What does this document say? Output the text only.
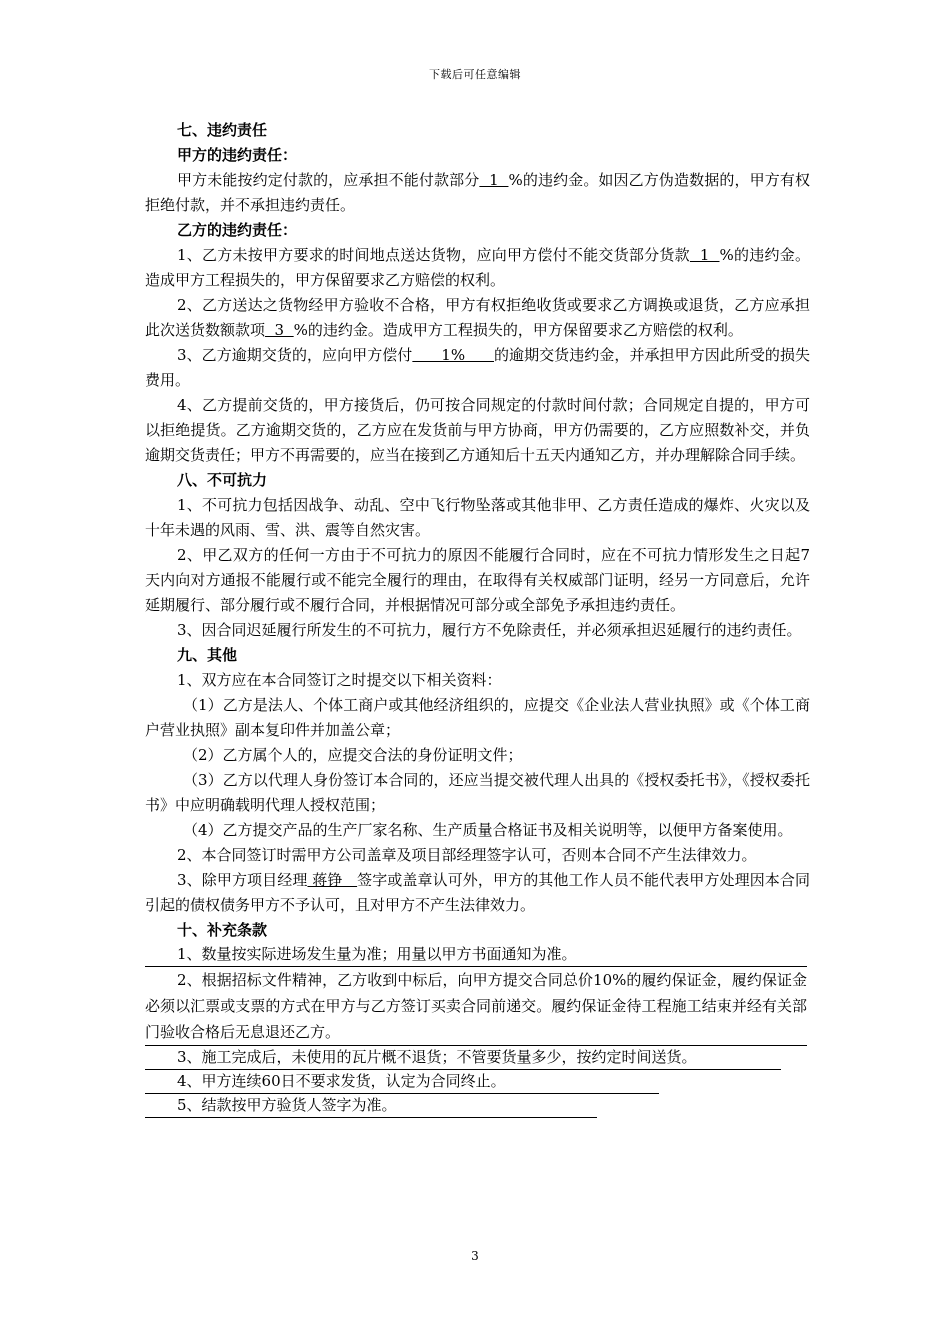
下载后可任意编辑

七、违约责任

甲方的违约责任：

甲方未能按约定付款的，应承担不能付款部分  1  %的违约金。如因乙方伪造数据的，甲方有权拒绝付款，并不承担违约责任。

乙方的违约责任：

1、乙方未按甲方要求的时间地点送达货物，应向甲方偿付不能交货部分货款  1  %的违约金。造成甲方工程损失的，甲方保留要求乙方赔偿的权利。

2、乙方送达之货物经甲方验收不合格，甲方有权拒绝收货或要求乙方调换或退货，乙方应承担此次送货数额款项  3  %的违约金。造成甲方工程损失的，甲方保留要求乙方赔偿的权利。

3、乙方逾期交货的，应向甲方偿付      1%      的逾期交货违约金，并承担甲方因此所受的损失费用。

4、乙方提前交货的，甲方接货后，仍可按合同规定的付款时间付款；合同规定自提的，甲方可以拒绝提货。乙方逾期交货的，乙方应在发货前与甲方协商，甲方仍需要的，乙方应照数补交，并负逾期交货责任；甲方不再需要的，应当在接到乙方通知后十五天内通知乙方，并办理解除合同手续。

八、不可抗力

1、不可抗力包括因战争、动乱、空中飞行物坠落或其他非甲、乙方责任造成的爆炸、火灾以及十年未遇的风雨、雪、洪、震等自然灾害。

2、甲乙双方的任何一方由于不可抗力的原因不能履行合同时，应在不可抗力情形发生之日起7天内向对方通报不能履行或不能完全履行的理由，在取得有关权威部门证明，经另一方同意后，允许延期履行、部分履行或不履行合同，并根据情况可部分或全部免予承担违约责任。

3、因合同迟延履行所发生的不可抗力，履行方不免除责任，并必须承担迟延履行的违约责任。

九、其他

1、双方应在本合同签订之时提交以下相关资料：

（1）乙方是法人、个体工商户或其他经济组织的，应提交《企业法人营业执照》或《个体工商户营业执照》副本复印件并加盖公章；

（2）乙方属个人的，应提交合法的身份证明文件；

（3）乙方以代理人身份签订本合同的，还应当提交被代理人出具的《授权委托书》，《授权委托书》中应明确载明代理人授权范围；

（4）乙方提交产品的生产厂家名称、生产质量合格证书及相关说明等，以便甲方备案使用。

2、本合同签订时需甲方公司盖章及项目部经理签字认可，否则本合同不产生法律效力。

3、除甲方项目经理 蒋铮   签字或盖章认可外，甲方的其他工作人员不能代表甲方处理因本合同引起的债权债务甲方不予认可，且对甲方不产生法律效力。

十、补充条款

1、数量按实际进场发生量为准；用量以甲方书面通知为准。

2、根据招标文件精神，乙方收到中标后，向甲方提交合同总价10%的履约保证金，履约保证金必须以汇票或支票的方式在甲方与乙方签订买卖合同前递交。履约保证金待工程施工结束并经有关部门验收合格后无息退还乙方。

3、施工完成后，未使用的瓦片概不退货；不管要货量多少，按约定时间送货。

4、甲方连续60日不要求发货，认定为合同终止。

5、结款按甲方验货人签字为准。

3
